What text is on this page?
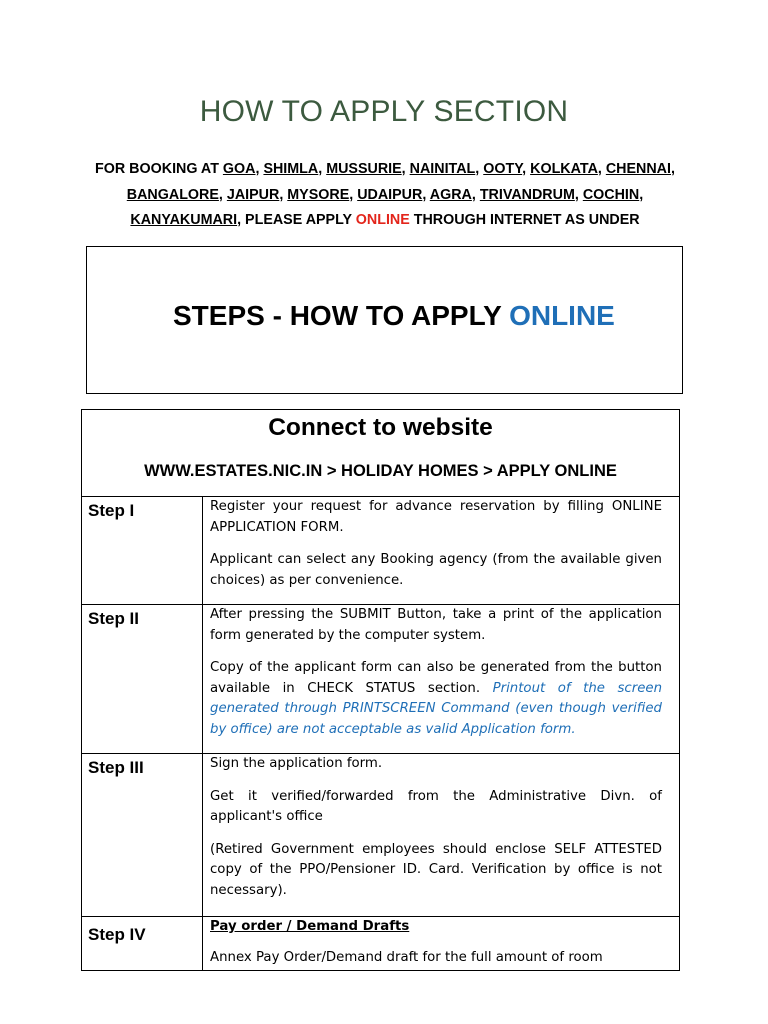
HOW TO APPLY SECTION
FOR BOOKING AT GOA, SHIMLA, MUSSURIE, NAINITAL, OOTY, KOLKATA, CHENNAI, BANGALORE, JAIPUR, MYSORE, UDAIPUR, AGRA, TRIVANDRUM, COCHIN, KANYAKUMARI, PLEASE APPLY ONLINE THROUGH INTERNET AS UNDER
STEPS - HOW TO APPLY ONLINE
Connect to website
WWW.ESTATES.NIC.IN > HOLIDAY HOMES > APPLY ONLINE	

Step I	Register your request for advance reservation by filling ONLINE APPLICATION FORM.

Applicant can select any Booking agency (from the available given choices) as per convenience.

Step II	After pressing the SUBMIT Button, take a print of the application form generated by the computer system.

Copy of the applicant form can also be generated from the button available in CHECK STATUS section. Printout of the screen generated through PRINTSCREEN Command (even though verified by office) are not acceptable as valid Application form.

Step III	Sign the application form.

Get it verified/forwarded from the Administrative Divn. of applicant's office

(Retired Government employees should enclose SELF ATTESTED copy of the PPO/Pensioner ID. Card. Verification by office is not necessary).

Step IV	Pay order / Demand Drafts

Annex Pay Order/Demand draft for the full amount of room
